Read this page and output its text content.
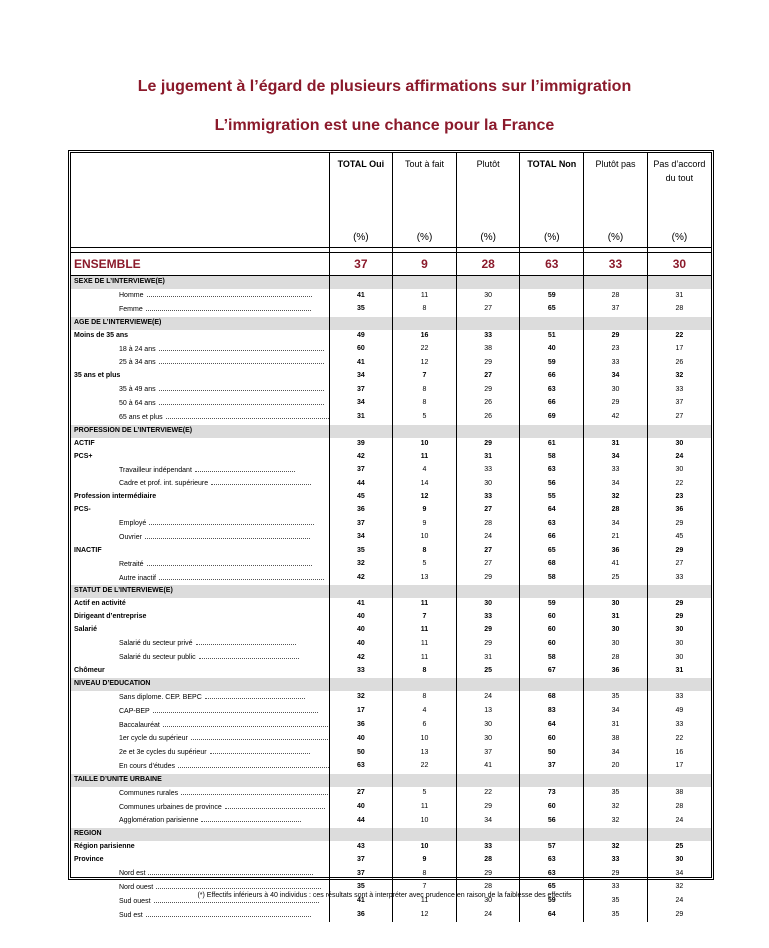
Le jugement à l’égard de plusieurs affirmations sur l’immigration
L’immigration est une chance pour la France
	TOTAL Oui	Tout à fait	Plutôt	TOTAL Non	Plutôt pas	Pas d’accord du tout
	(%)	(%)	(%)	(%)	(%)	(%)

ENSEMBLE	37	9	28	63	33	30
SEXE DE L’INTERVIEWE(E)						
Homme	41	11	30	59	28	31
Femme	35	8	27	65	37	28
AGE DE L’INTERVIEWE(E)						
Moins de 35 ans	49	16	33	51	29	22
18 à 24 ans	60	22	38	40	23	17
25 à 34 ans	41	12	29	59	33	26
35 ans et plus	34	7	27	66	34	32
35 à 49 ans	37	8	29	63	30	33
50 à 64 ans	34	8	26	66	29	37
65 ans et plus	31	5	26	69	42	27
PROFESSION DE L’INTERVIEWE(E)						
ACTIF	39	10	29	61	31	30
PCS+	42	11	31	58	34	24
Travailleur indépendant	37	4	33	63	33	30
Cadre et prof. int. supérieure	44	14	30	56	34	22
Profession intermédiaire	45	12	33	55	32	23
PCS-	36	9	27	64	28	36
Employé	37	9	28	63	34	29
Ouvrier	34	10	24	66	21	45
INACTIF	35	8	27	65	36	29
Retraité	32	5	27	68	41	27
Autre inactif	42	13	29	58	25	33
STATUT DE L’INTERVIEWE(E)						
Actif en activité	41	11	30	59	30	29
Dirigeant d’entreprise	40	7	33	60	31	29
Salarié	40	11	29	60	30	30
Salarié du secteur privé	40	11	29	60	30	30
Salarié du secteur public	42	11	31	58	28	30
Chômeur	33	8	25	67	36	31
NIVEAU D’EDUCATION						
Sans diplome. CEP. BEPC	32	8	24	68	35	33
CAP-BEP	17	4	13	83	34	49
Baccalauréat	36	6	30	64	31	33
1er cycle du supérieur	40	10	30	60	38	22
2e et 3e cycles du supérieur	50	13	37	50	34	16
En cours d’études	63	22	41	37	20	17
TAILLE D’UNITE URBAINE						
Communes rurales	27	5	22	73	35	38
Communes urbaines de province	40	11	29	60	32	28
Agglomération parisienne	44	10	34	56	32	24
REGION						
Région parisienne	43	10	33	57	32	25
Province	37	9	28	63	33	30
Nord est	37	8	29	63	29	34
Nord ouest	35	7	28	65	33	32
Sud ouest	41	11	30	59	35	24
Sud est	36	12	24	64	35	29
(*) Effectifs inférieurs à 40 individus : ces résultats sont à interpréter avec prudence en raison de la faiblesse des effectifs
